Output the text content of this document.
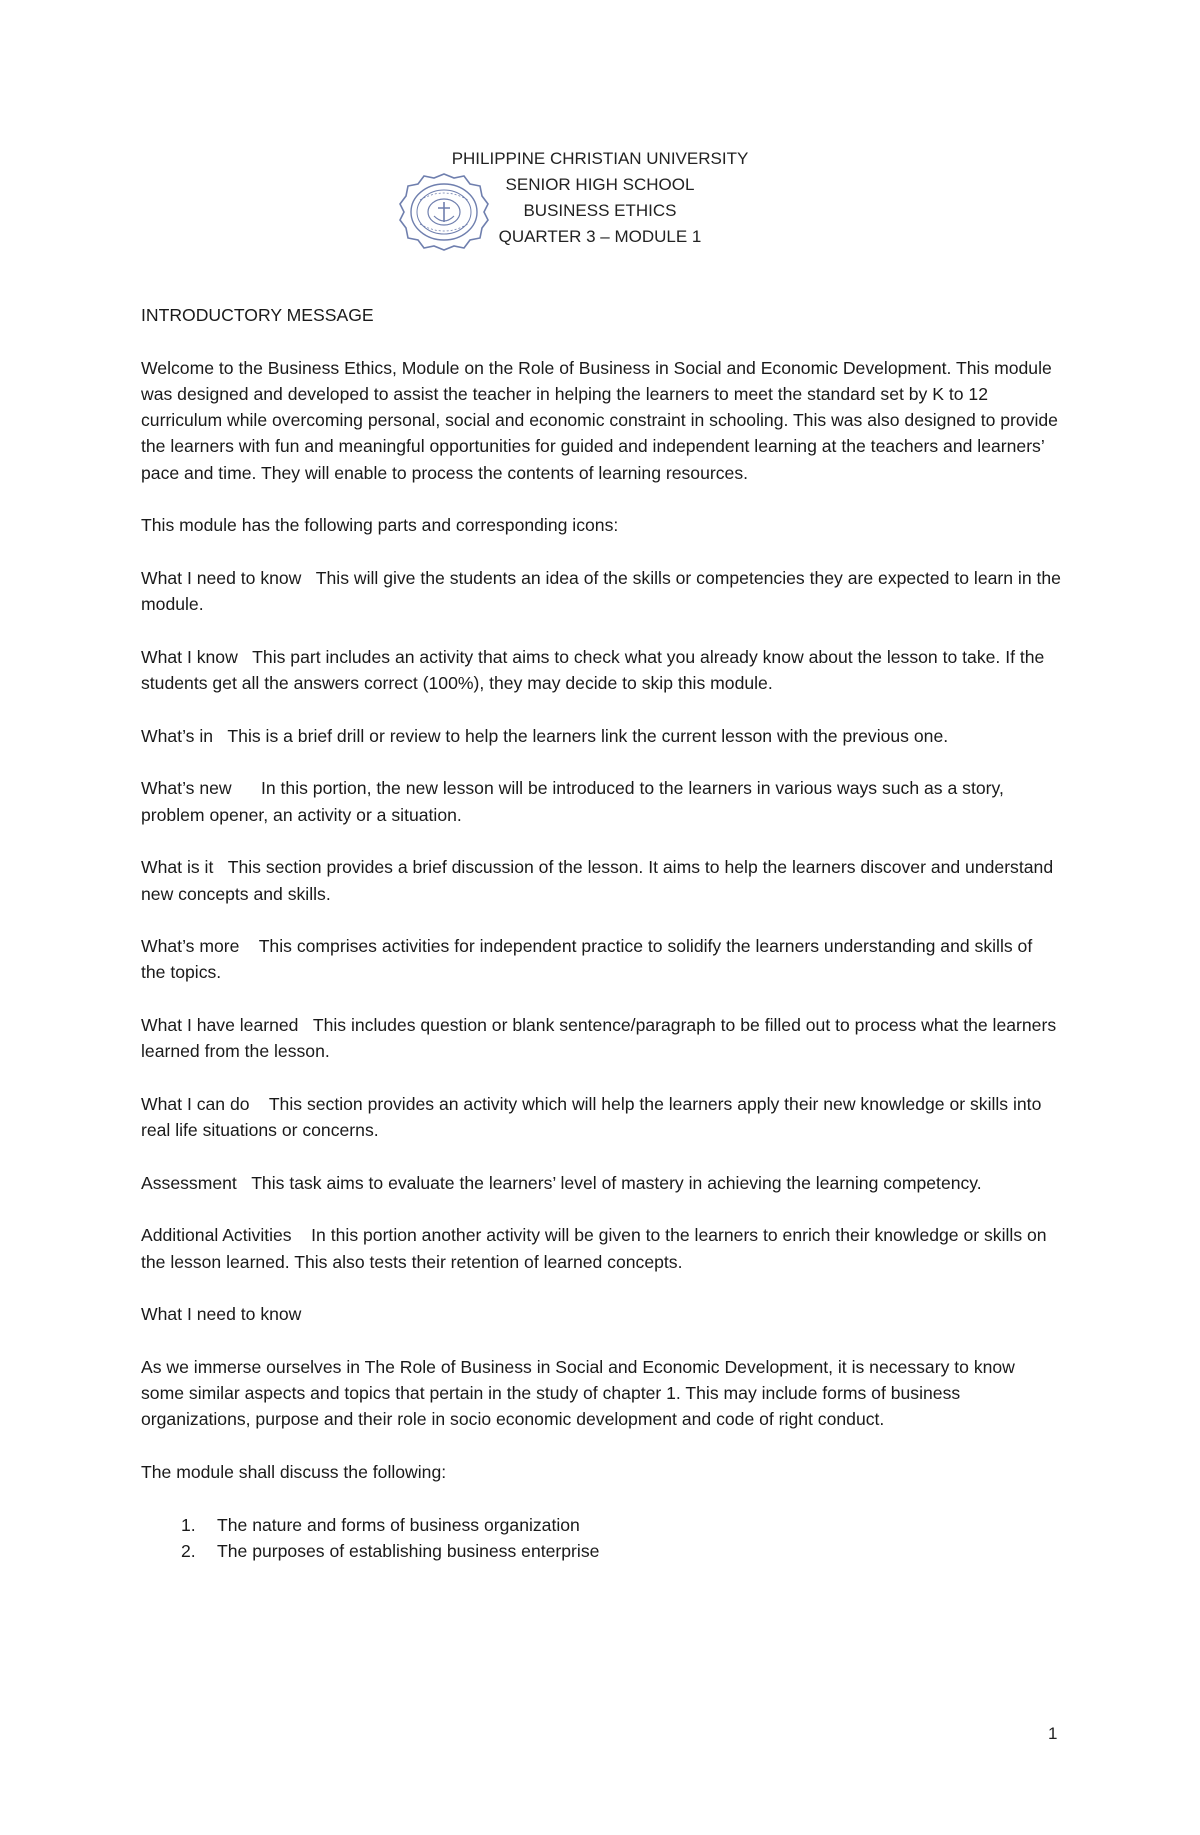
PHILIPPINE CHRISTIAN UNIVERSITY
SENIOR HIGH SCHOOL
BUSINESS ETHICS
QUARTER 3 – MODULE 1

INTRODUCTORY MESSAGE

Welcome to the Business Ethics, Module on the Role of Business in Social and Economic Development. This module was designed and developed to assist the teacher in helping the learners to meet the standard set by K to 12 curriculum while overcoming personal, social and economic constraint in schooling. This was also designed to provide the learners with fun and meaningful opportunities for guided and independent learning at the teachers and learners’ pace and time. They will enable to process the contents of learning resources.

This module has the following parts and corresponding icons:

What I need to know This will give the students an idea of the skills or competencies they are expected to learn in the module.

What I know This part includes an activity that aims to check what you already know about the lesson to take. If the students get all the answers correct (100%), they may decide to skip this module.

What’s in This is a brief drill or review to help the learners link the current lesson with the previous one.

What’s new In this portion, the new lesson will be introduced to the learners in various ways such as a story, problem opener, an activity or a situation.

What is it This section provides a brief discussion of the lesson. It aims to help the learners discover and understand new concepts and skills.

What’s more This comprises activities for independent practice to solidify the learners understanding and skills of the topics.

What I have learned This includes question or blank sentence/paragraph to be filled out to process what the learners learned from the lesson.

What I can do This section provides an activity which will help the learners apply their new knowledge or skills into real life situations or concerns.

Assessment This task aims to evaluate the learners’ level of mastery in achieving the learning competency.

Additional Activities In this portion another activity will be given to the learners to enrich their knowledge or skills on the lesson learned. This also tests their retention of learned concepts.

What I need to know

As we immerse ourselves in The Role of Business in Social and Economic Development, it is necessary to know some similar aspects and topics that pertain in the study of chapter 1. This may include forms of business organizations, purpose and their role in socio economic development and code of right conduct.

The module shall discuss the following:

1. The nature and forms of business organization
2. The purposes of establishing business enterprise
1
